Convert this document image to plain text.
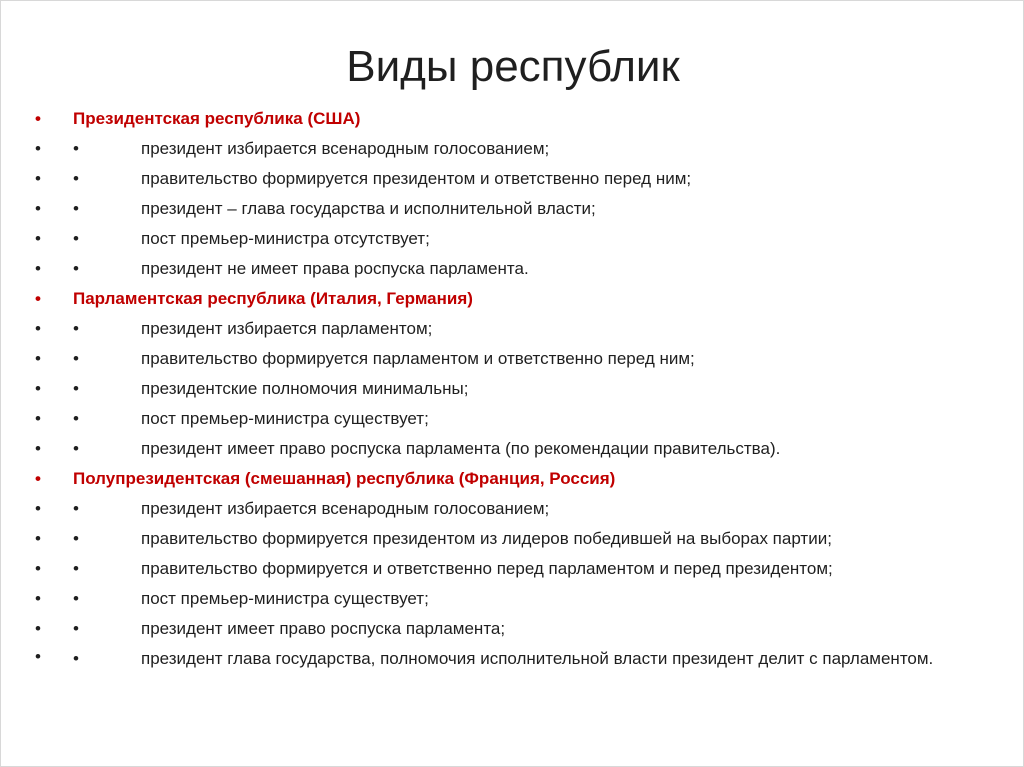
Виды республик
• Президентская республика (США)
• •	президент избирается всенародным голосованием;
• •	правительство формируется президентом и ответственно перед ним;
• •	президент – глава государства и исполнительной власти;
• •	пост премьер-министра отсутствует;
• •	президент не имеет права роспуска парламента.
• Парламентская республика (Италия, Германия)
• •	президент избирается парламентом;
• •	правительство формируется парламентом и ответственно перед ним;
• •	президентские полномочия минимальны;
• •	пост премьер-министра существует;
• •	президент имеет право роспуска парламента (по рекомендации правительства).
• Полупрезидентская (смешанная) республика (Франция, Россия)
• •	президент избирается всенародным голосованием;
• •	правительство формируется президентом из лидеров победившей на выборах партии;
• •	правительство формируется и ответственно перед парламентом и перед президентом;
• •	пост премьер-министра существует;
• •	президент имеет право роспуска парламента;
• •	президент глава государства, полномочия исполнительной власти президент делит с парламентом.
